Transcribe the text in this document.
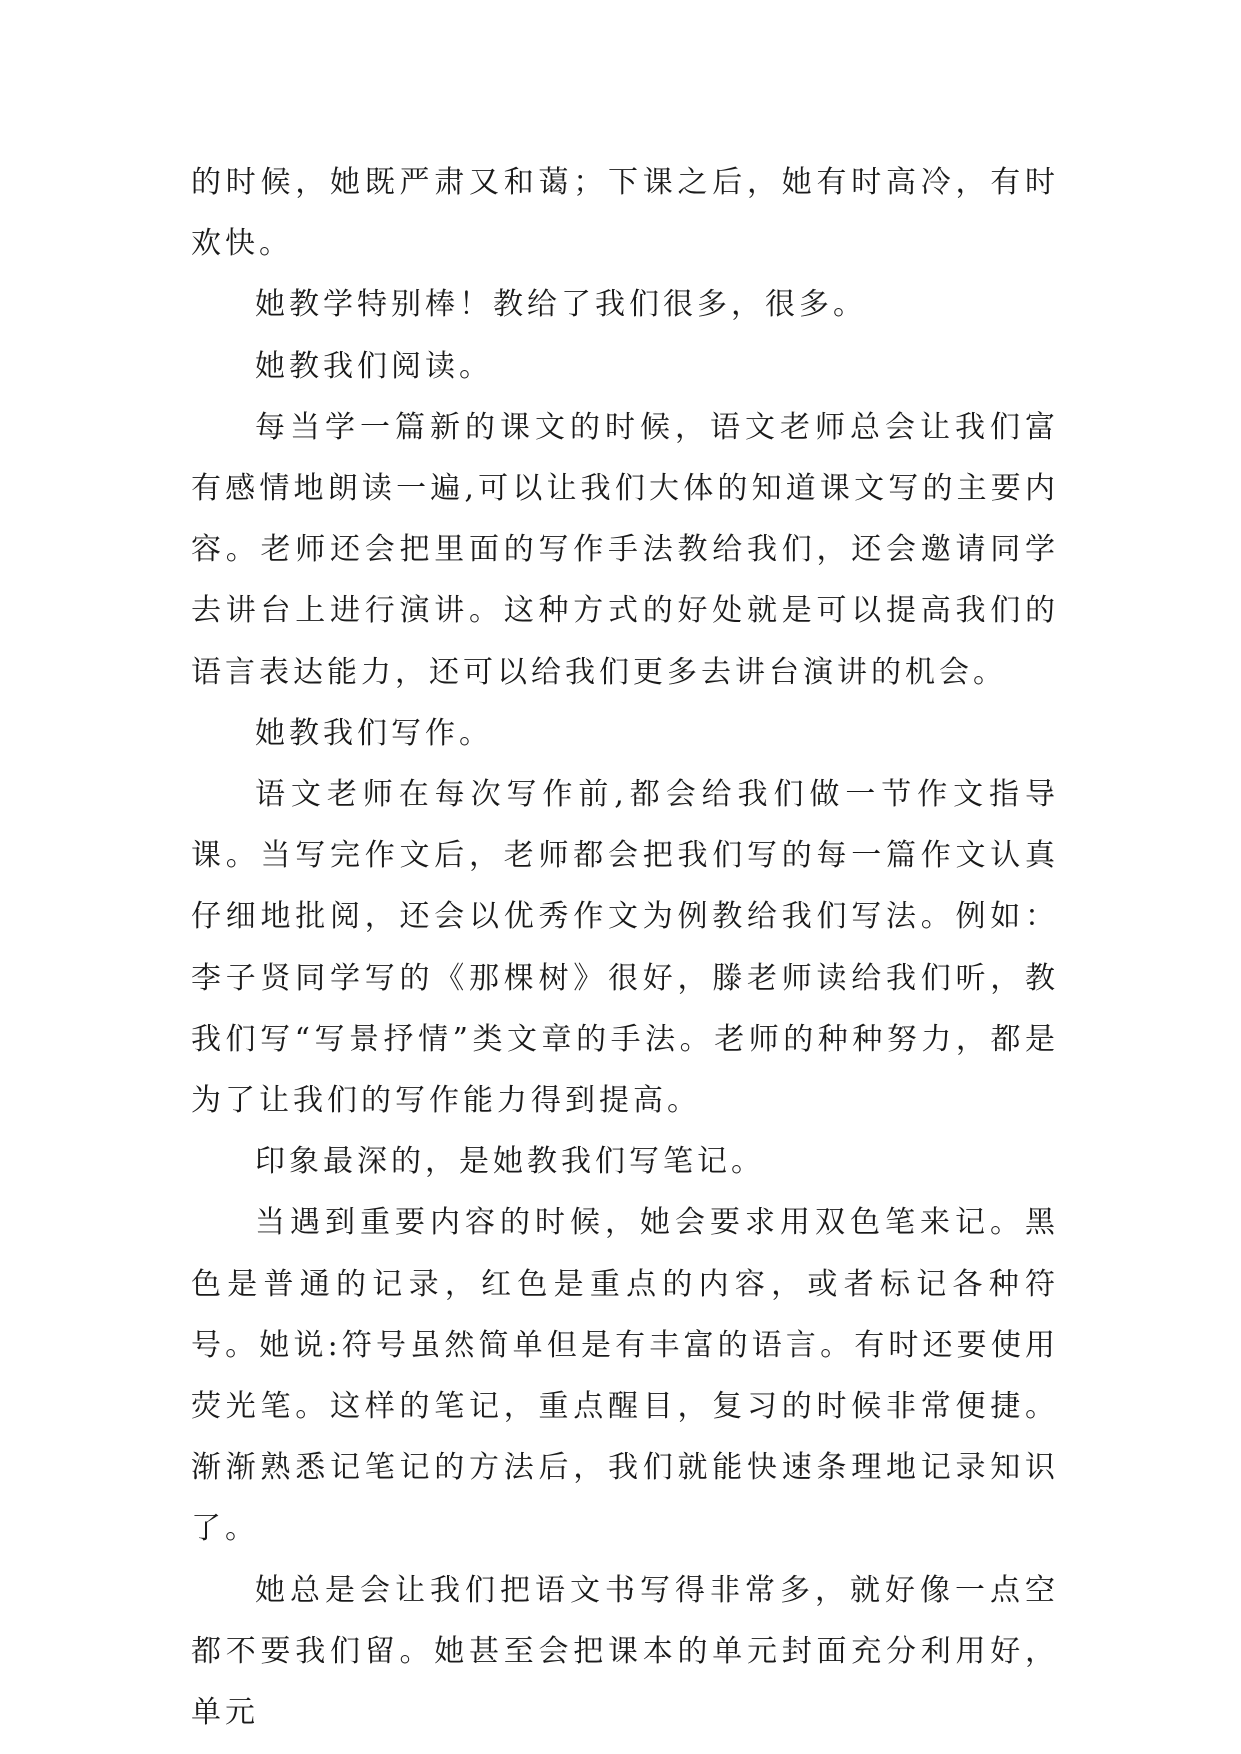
的时候，她既严肃又和蔼；下课之后，她有时高冷，有时欢快。

她教学特别棒！教给了我们很多，很多。

她教我们阅读。

每当学一篇新的课文的时候，语文老师总会让我们富有感情地朗读一遍,可以让我们大体的知道课文写的主要内容。老师还会把里面的写作手法教给我们，还会邀请同学去讲台上进行演讲。这种方式的好处就是可以提高我们的语言表达能力，还可以给我们更多去讲台演讲的机会。

她教我们写作。

语文老师在每次写作前,都会给我们做一节作文指导课。当写完作文后，老师都会把我们写的每一篇作文认真仔细地批阅，还会以优秀作文为例教给我们写法。例如：李子贤同学写的《那棵树》很好，滕老师读给我们听，教我们写“写景抒情”类文章的手法。老师的种种努力，都是为了让我们的写作能力得到提高。

印象最深的，是她教我们写笔记。

当遇到重要内容的时候，她会要求用双色笔来记。黑色是普通的记录，红色是重点的内容，或者标记各种符号。她说:符号虽然简单但是有丰富的语言。有时还要使用荧光笔。这样的笔记，重点醒目，复习的时候非常便捷。渐渐熟悉记笔记的方法后，我们就能快速条理地记录知识了。

她总是会让我们把语文书写得非常多，就好像一点空都不要我们留。她甚至会把课本的单元封面充分利用好，单元
